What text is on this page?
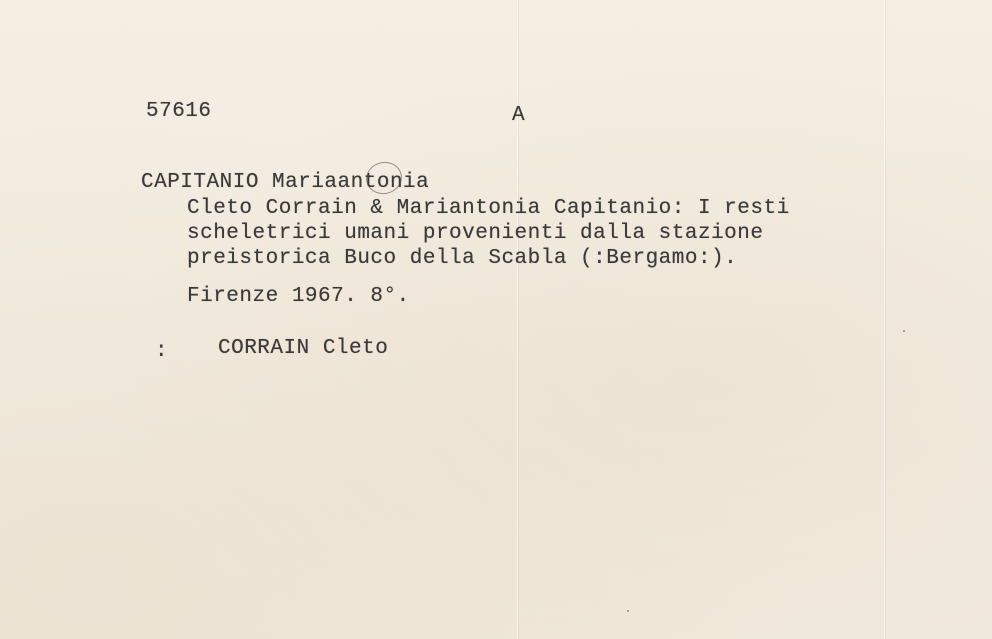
57616	A
CAPITANIO Mariaantonia
Cleto Corrain & Mariantonia Capitanio: I resti
scheletrici umani provenienti dalla stazione
preistorica Buco della Scabla (:Bergamo:).
Firenze 1967. 8°.
: CORRAIN Cleto
